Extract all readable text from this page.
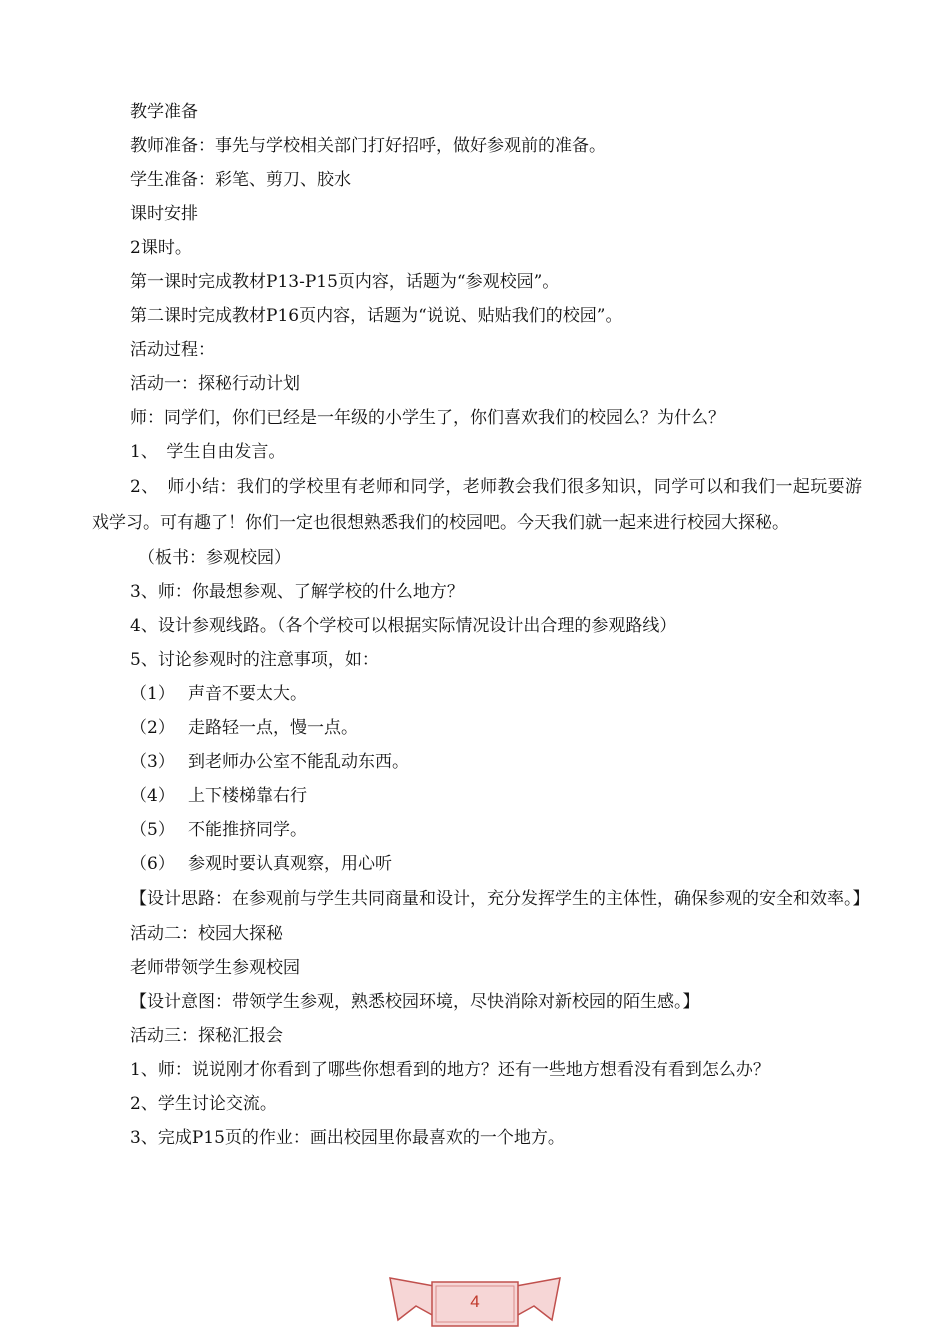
教学准备
教师准备：事先与学校相关部门打好招呼，做好参观前的准备。
学生准备：彩笔、剪刀、胶水
课时安排
2课时。
第一课时完成教材P13-P15页内容，话题为“参观校园”。
第二课时完成教材P16页内容，话题为“说说、贴贴我们的校园”。
活动过程：
活动一：探秘行动计划
师：同学们，你们已经是一年级的小学生了，你们喜欢我们的校园么？为什么？
1、　学生自由发言。
2、　师小结：我们的学校里有老师和同学，老师教会我们很多知识，同学可以和我们一起玩要游戏学习。可有趣了！你们一定也很想熟悉我们的校园吧。今天我们就一起来进行校园大探秘。
（板书：参观校园）
3、师：你最想参观、了解学校的什么地方？
4、设计参观线路。（各个学校可以根据实际情况设计出合理的参观路线）
5、讨论参观时的注意事项，如：
（1） 声音不要太大。
（2） 走路轻一点，慢一点。
（3） 到老师办公室不能乱动东西。
（4） 上下楼梯靠右行
（5） 不能推挤同学。
（6） 参观时要认真观察，用心听
【设计思路：在参观前与学生共同商量和设计，充分发挥学生的主体性，确保参观的安全和效率。】
活动二：校园大探秘
老师带领学生参观校园
【设计意图：带领学生参观，熟悉校园环境，尽快消除对新校园的陌生感。】
活动三：探秘汇报会
1、师：说说刚才你看到了哪些你想看到的地方？还有一些地方想看没有看到怎么办？
2、学生讨论交流。
3、完成P15页的作业：画出校园里你最喜欢的一个地方。
4
